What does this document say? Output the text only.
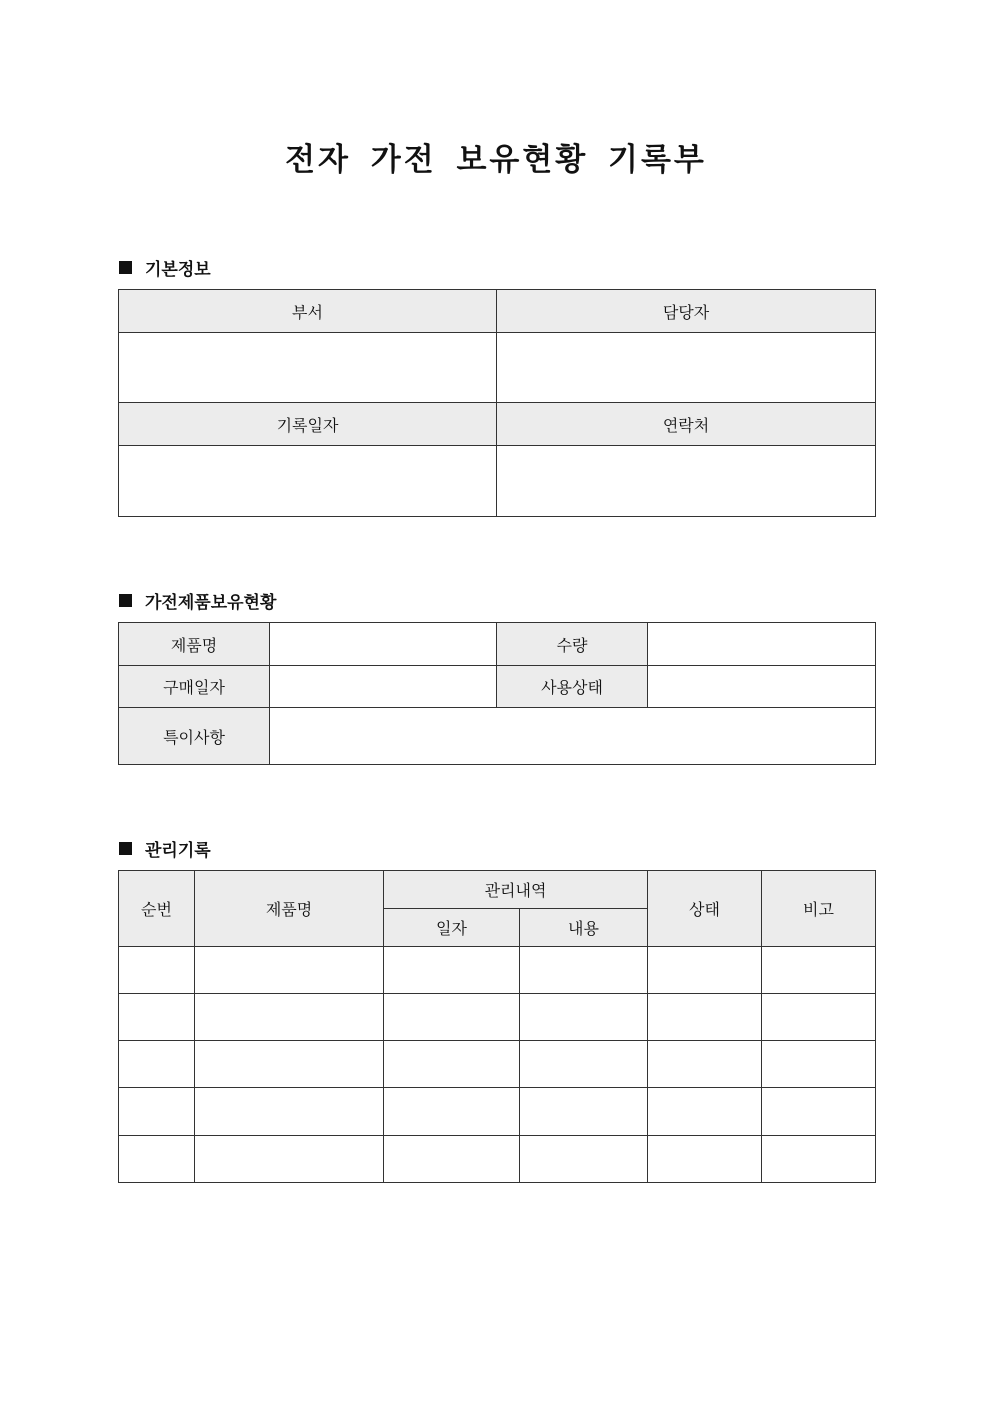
전자 가전 보유현황 기록부
기본정보
부서	담당자

기록일자	연락처

가전제품보유현황
제품명		수량	
구매일자		사용상태	
특이사항			
관리기록
순번	제품명	관리내역		상태	비고
		일자	내용		
